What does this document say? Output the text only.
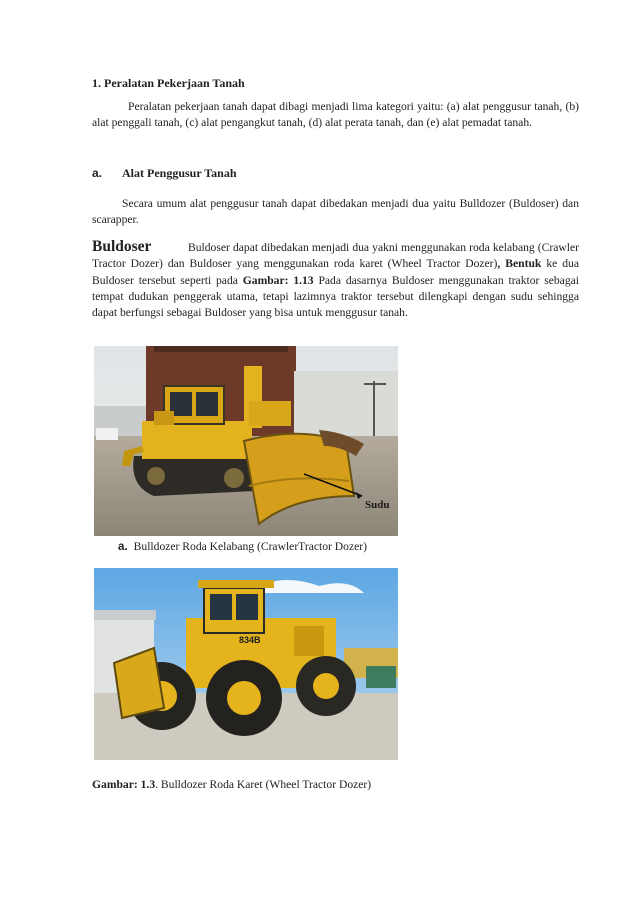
1. Peralatan Pekerjaan Tanah
Peralatan pekerjaan tanah dapat dibagi menjadi lima kategori yaitu: (a) alat penggusur tanah, (b) alat penggali tanah, (c) alat pengangkut tanah, (d) alat perata tanah, dan (e) alat pemadat tanah.
a. Alat Penggusur Tanah
Secara umum alat penggusur tanah dapat dibedakan menjadi dua yaitu Bulldozer (Buldoser) dan scarapper.
Buldoser	Buldoser dapat dibedakan menjadi dua yakni menggunakan roda kelabang (Crawler Tractor Dozer) dan Buldoser yang menggunakan roda karet (Wheel Tractor Dozer), Bentuk ke dua Buldoser tersebut seperti pada Gambar: 1.13 Pada dasarnya Buldoser menggunakan traktor sebagai tempat dudukan penggerak utama, tetapi lazimnya traktor tersebut dilengkapi dengan sudu sehingga dapat berfungsi sebagai Buldoser yang bisa untuk menggusur tanah.
Sudu
a. Bulldozer Roda Kelabang (CrawlerTractor Dozer)
834B
Gambar: 1.3. Bulldozer Roda Karet (Wheel Tractor Dozer)
